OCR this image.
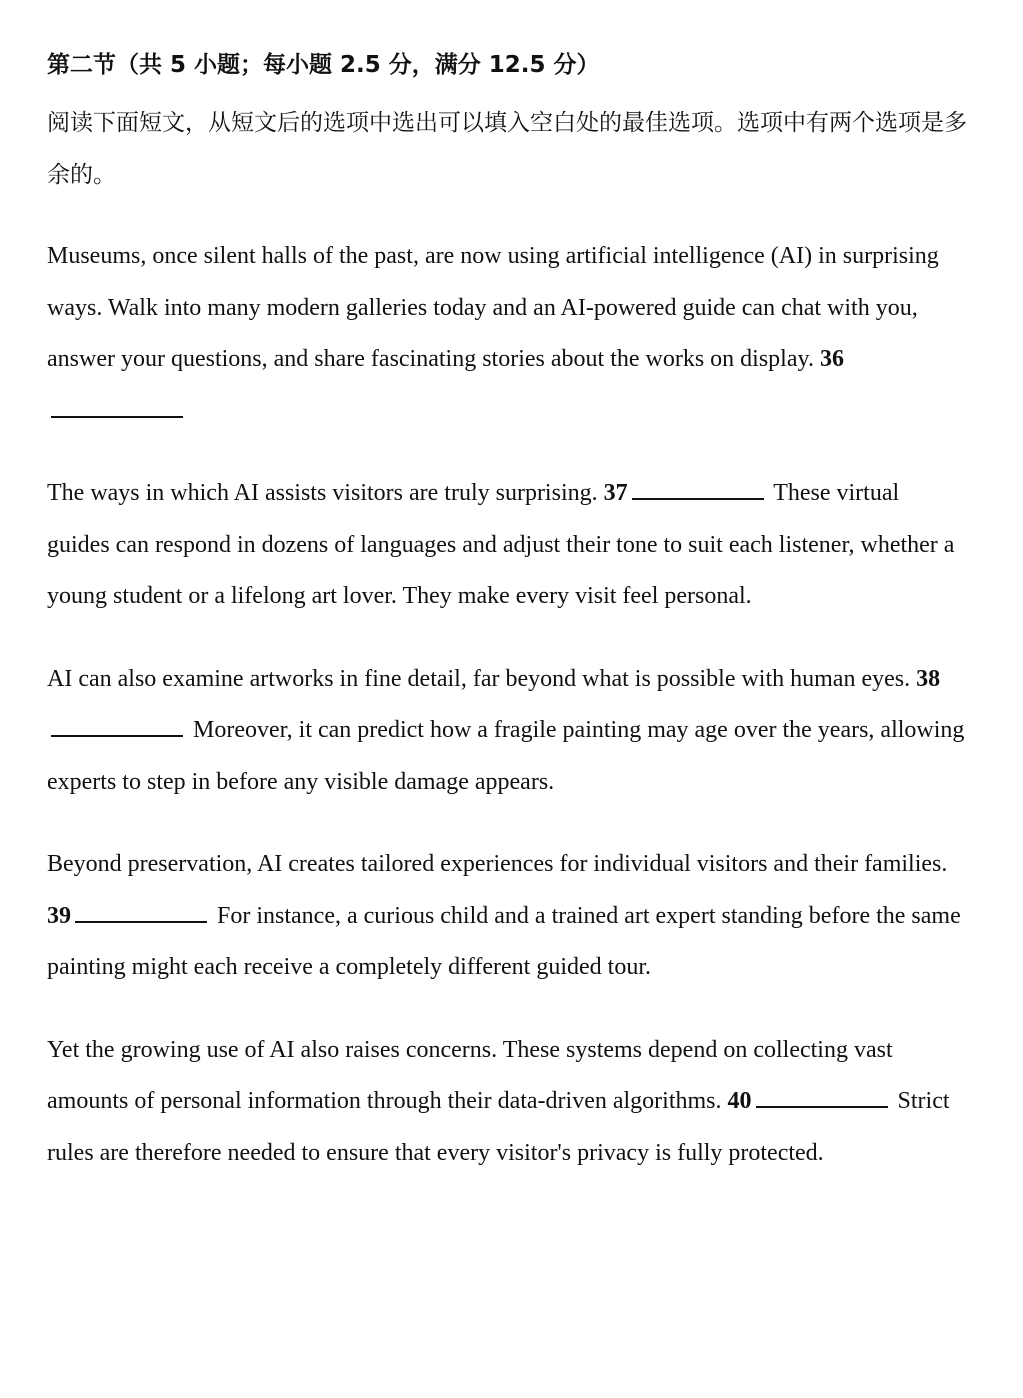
第二节（共 5 小题；每小题 2.5 分，满分 12.5 分）
阅读下面短文，从短文后的选项中选出可以填入空白处的最佳选项。选项中有两个选项是多余的。

Museums, once silent halls of the past, are now using artificial intelligence (AI) in surprising ways. Walk into many modern galleries today and an AI-powered guide can chat with you, answer your questions, and share fascinating stories about the works on display. 36

The ways in which AI assists visitors are truly surprising. 37	These virtual guides can respond in dozens of languages and adjust their tone to suit each listener, whether a young student or a lifelong art lover. They make every visit feel personal.

AI can also examine artworks in fine detail, far beyond what is possible with human eyes. 38 Moreover, it can predict how a fragile painting may age over the years, allowing experts to step in before any visible damage appears.

Beyond preservation, AI creates tailored experiences for individual visitors and their families. 39	For instance, a curious child and a trained art expert standing before the same painting might each receive a completely different guided tour.

Yet the growing use of AI also raises concerns. These systems depend on collecting vast amounts of personal information through their data-driven algorithms. 40	Strict rules are therefore needed to ensure that every visitor's privacy is fully protected.
